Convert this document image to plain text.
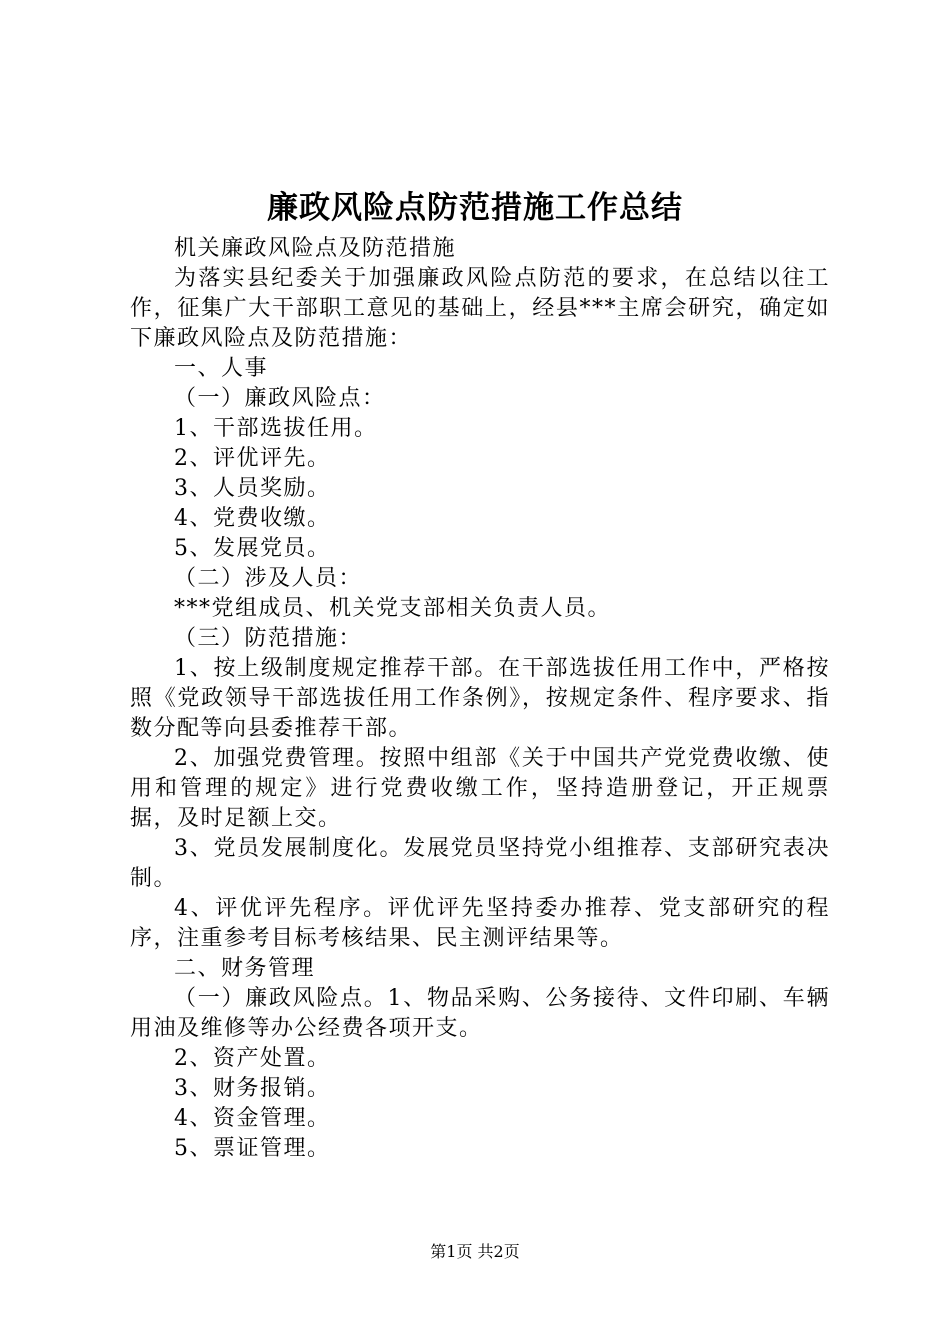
廉政风险点防范措施工作总结

机关廉政风险点及防范措施

为落实县纪委关于加强廉政风险点防范的要求，在总结以往工作，征集广大干部职工意见的基础上，经县***主席会研究，确定如下廉政风险点及防范措施：

一、人事

（一）廉政风险点：

1、干部选拔任用。

2、评优评先。

3、人员奖励。

4、党费收缴。

5、发展党员。

（二）涉及人员：

***党组成员、机关党支部相关负责人员。

（三）防范措施：

1、按上级制度规定推荐干部。在干部选拔任用工作中，严格按照《党政领导干部选拔任用工作条例》，按规定条件、程序要求、指数分配等向县委推荐干部。

2、加强党费管理。按照中组部《关于中国共产党党费收缴、使用和管理的规定》进行党费收缴工作，坚持造册登记，开正规票据，及时足额上交。

3、党员发展制度化。发展党员坚持党小组推荐、支部研究表决制。

4、评优评先程序。评优评先坚持委办推荐、党支部研究的程序，注重参考目标考核结果、民主测评结果等。

二、财务管理

（一）廉政风险点。1、物品采购、公务接待、文件印刷、车辆用油及维修等办公经费各项开支。

2、资产处置。

3、财务报销。

4、资金管理。

5、票证管理。

第1页 共2页
